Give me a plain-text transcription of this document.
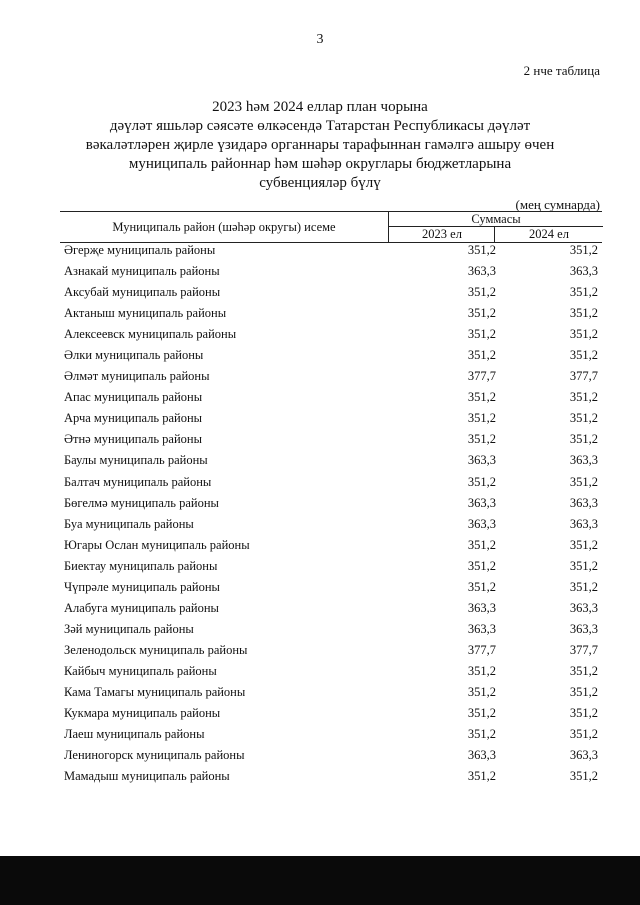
3
2 нче таблица
2023 һәм 2024 еллар план чорына
дәүләт яшьләр сәясәте өлкәсендә Татарстан Республикасы дәүләт
вәкаләтләрен җирле үзидарә органнары тарафыннан гамәлгә ашыру өчен
муниципаль районнар һәм шәһәр округлары бюджетларына
субвенцияләр бүлү
(мең сумнарда)
Муниципаль район (шәһәр округы) исеме
Суммасы
2023 ел	2024 ел
Әгерҗе муниципаль районы	351,2	351,2
Азнакай муниципаль районы	363,3	363,3
Аксубай муниципаль районы	351,2	351,2
Актаныш муниципаль районы	351,2	351,2
Алексеевск муниципаль районы	351,2	351,2
Әлки муниципаль районы	351,2	351,2
Әлмәт муниципаль районы	377,7	377,7
Апас муниципаль районы	351,2	351,2
Арча муниципаль районы	351,2	351,2
Әтнә муниципаль районы	351,2	351,2
Баулы муниципаль районы	363,3	363,3
Балтач муниципаль районы	351,2	351,2
Бөгелмә муниципаль районы	363,3	363,3
Буа муниципаль районы	363,3	363,3
Югары Ослан муниципаль районы	351,2	351,2
Биектау муниципаль районы	351,2	351,2
Чүпрәле муниципаль районы	351,2	351,2
Алабуга муниципаль районы	363,3	363,3
Зәй муниципаль районы	363,3	363,3
Зеленодольск муниципаль районы	377,7	377,7
Кайбыч муниципаль районы	351,2	351,2
Кама Тамагы муниципаль районы	351,2	351,2
Кукмара муниципаль районы	351,2	351,2
Лаеш муниципаль районы	351,2	351,2
Лениногорск муниципаль районы	363,3	363,3
Мамадыш муниципаль районы	351,2	351,2
